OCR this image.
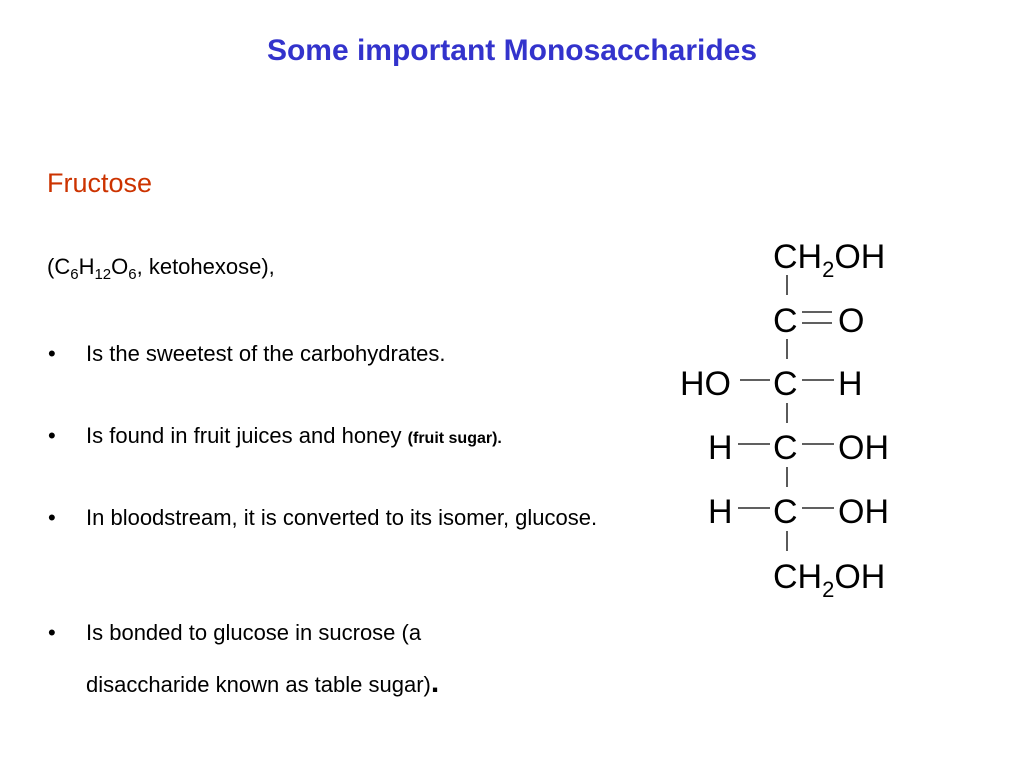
Some important Monosaccharides
Fructose
($C_6H_{12}O_6$, ketohexose),
• Is the sweetest of the carbohydrates.
• Is found in fruit juices and honey (fruit sugar).
• In bloodstream, it is converted to its isomer, glucose.
• Is bonded to glucose in sucrose (a
disaccharide known as table sugar).
$CH_2OH$
C O
HO C H
H C OH
H C OH
$CH_2OH$
